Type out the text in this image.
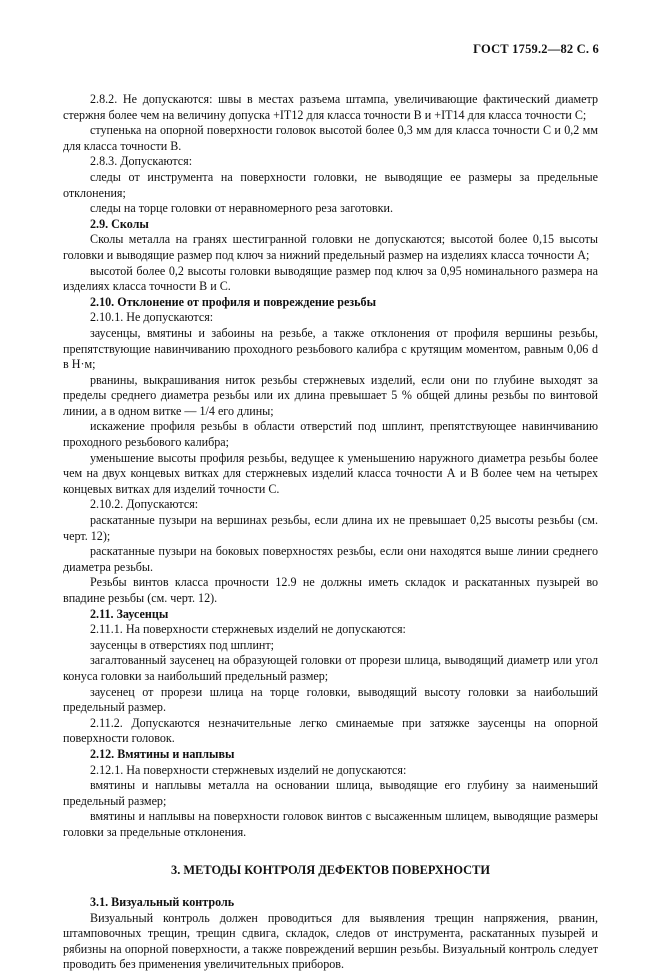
ГОСТ 1759.2—82 С. 6

2.8.2. Не допускаются: швы в местах разъема штампа, увеличивающие фактический диаметр стержня более чем на величину допуска +IT12 для класса точности В и +IT14 для класса точности С;

ступенька на опорной поверхности головок высотой более 0,3 мм для класса точности С и 0,2 мм для класса точности В.

2.8.3. Допускаются:

следы от инструмента на поверхности головки, не выводящие ее размеры за предельные отклонения;

следы на торце головки от неравномерного реза заготовки.

2.9. Сколы

Сколы металла на гранях шестигранной головки не допускаются; высотой более 0,15 высоты головки и выводящие размер под ключ за нижний предельный размер на изделиях класса точности А;

высотой более 0,2 высоты головки выводящие размер под ключ за 0,95 номинального размера на изделиях класса точности В и С.

2.10. Отклонение от профиля и повреждение резьбы

2.10.1. Не допускаются:

заусенцы, вмятины и забоины на резьбе, а также отклонения от профиля вершины резьбы, препятствующие навинчиванию проходного резьбового калибра с крутящим моментом, равным 0,06 d в Н·м;

рванины, выкрашивания ниток резьбы стержневых изделий, если они по глубине выходят за пределы среднего диаметра резьбы или их длина превышает 5 % общей длины резьбы по винтовой линии, а в одном витке — 1/4 его длины;

искажение профиля резьбы в области отверстий под шплинт, препятствующее навинчиванию проходного резьбового калибра;

уменьшение высоты профиля резьбы, ведущее к уменьшению наружного диаметра резьбы более чем на двух концевых витках для стержневых изделий класса точности А и В более чем на четырех концевых витках для изделий точности С.

2.10.2. Допускаются:

раскатанные пузыри на вершинах резьбы, если длина их не превышает 0,25 высоты резьбы (см. черт. 12);

раскатанные пузыри на боковых поверхностях резьбы, если они находятся выше линии среднего диаметра резьбы.

Резьбы винтов класса прочности 12.9 не должны иметь складок и раскатанных пузырей во впадине резьбы (см. черт. 12).

2.11. Заусенцы

2.11.1. На поверхности стержневых изделий не допускаются:

заусенцы в отверстиях под шплинт;

загалтованный заусенец на образующей головки от прорези шлица, выводящий диаметр или угол конуса головки за наибольший предельный размер;

заусенец от прорези шлица на торце головки, выводящий высоту головки за наибольший предельный размер.

2.11.2. Допускаются незначительные легко сминаемые при затяжке заусенцы на опорной поверхности головок.

2.12. Вмятины и наплывы

2.12.1. На поверхности стержневых изделий не допускаются:

вмятины и наплывы металла на основании шлица, выводящие его глубину за наименьший предельный размер;

вмятины и наплывы на поверхности головок винтов с высаженным шлицем, выводящие размеры головки за предельные отклонения.

3. МЕТОДЫ КОНТРОЛЯ ДЕФЕКТОВ ПОВЕРХНОСТИ

3.1. Визуальный контроль

Визуальный контроль должен проводиться для выявления трещин напряжения, рванин, штамповочных трещин, трещин сдвига, складок, следов от инструмента, раскатанных пузырей и рябизны на опорной поверхности, а также повреждений вершин резьбы. Визуальный контроль следует проводить без применения увеличительных приборов.
